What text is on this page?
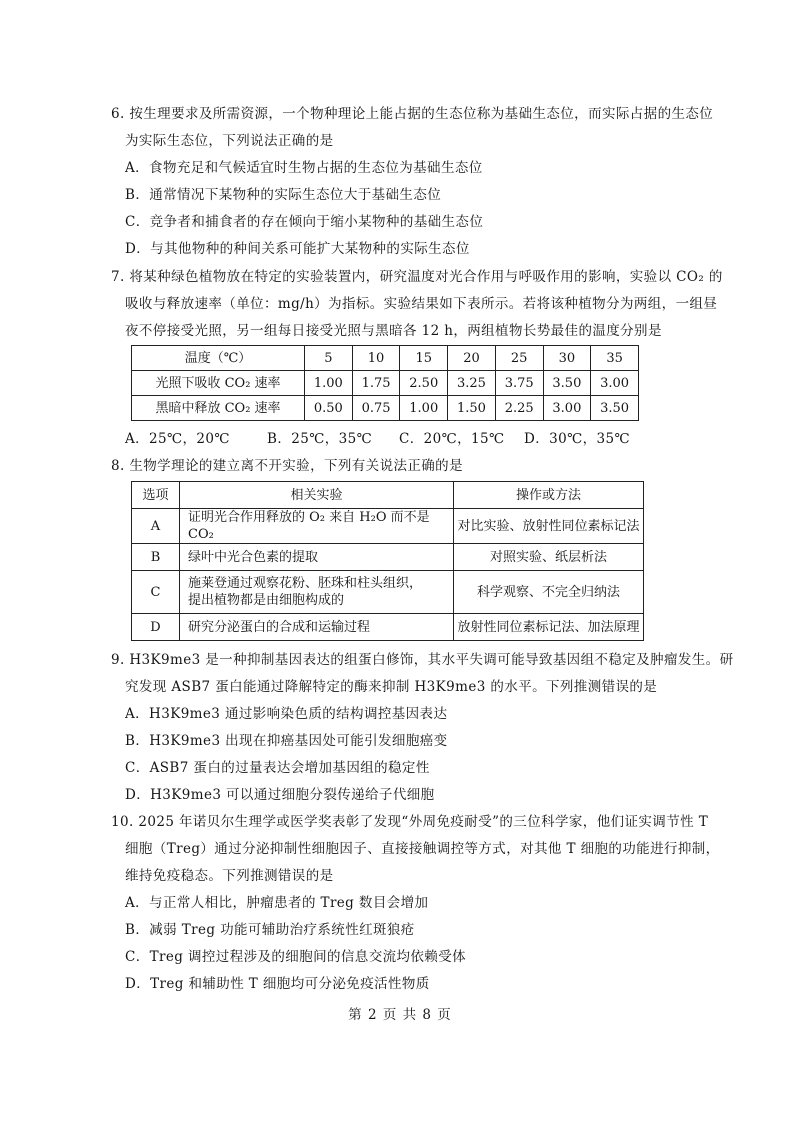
6. 按生理要求及所需资源，一个物种理论上能占据的生态位称为基础生态位，而实际占据的生态位
为实际生态位，下列说法正确的是
A．食物充足和气候适宜时生物占据的生态位为基础生态位
B．通常情况下某物种的实际生态位大于基础生态位
C．竞争者和捕食者的存在倾向于缩小某物种的基础生态位
D．与其他物种的种间关系可能扩大某物种的实际生态位
7. 将某种绿色植物放在特定的实验装置内，研究温度对光合作用与呼吸作用的影响，实验以 CO₂ 的
吸收与释放速率（单位：mg/h）为指标。实验结果如下表所示。若将该种植物分为两组，一组昼
夜不停接受光照，另一组每日接受光照与黑暗各 12 h，两组植物长势最佳的温度分别是
温度（℃）	5	10	15	20	25	30	35
光照下吸收 CO₂ 速率	1.00	1.75	2.50	3.25	3.75	3.50	3.00
黑暗中释放 CO₂ 速率	0.50	0.75	1.00	1.50	2.25	3.00	3.50
A．25℃，20℃	B．25℃，35℃ C．20℃，15℃ D．30℃，35℃
8. 生物学理论的建立离不开实验，下列有关说法正确的是
选项	相关实验	操作或方法
A	证明光合作用释放的 O₂ 来自 H₂O 而不是 CO₂	对比实验、放射性同位素标记法
B	绿叶中光合色素的提取	对照实验、纸层析法
C	施莱登通过观察花粉、胚珠和柱头组织，
提出植物都是由细胞构成的	科学观察、不完全归纳法
D	研究分泌蛋白的合成和运输过程	放射性同位素标记法、加法原理
9. H3K9me3 是一种抑制基因表达的组蛋白修饰，其水平失调可能导致基因组不稳定及肿瘤发生。研
究发现 ASB7 蛋白能通过降解特定的酶来抑制 H3K9me3 的水平。下列推测错误的是
A．H3K9me3 通过影响染色质的结构调控基因表达
B．H3K9me3 出现在抑癌基因处可能引发细胞癌变
C．ASB7 蛋白的过量表达会增加基因组的稳定性
D．H3K9me3 可以通过细胞分裂传递给子代细胞
10. 2025 年诺贝尔生理学或医学奖表彰了发现“外周免疫耐受”的三位科学家，他们证实调节性 T
细胞（Treg）通过分泌抑制性细胞因子、直接接触调控等方式，对其他 T 细胞的功能进行抑制，
维持免疫稳态。下列推测错误的是
A．与正常人相比，肿瘤患者的 Treg 数目会增加
B．减弱 Treg 功能可辅助治疗系统性红斑狼疮
C．Treg 调控过程涉及的细胞间的信息交流均依赖受体
D．Treg 和辅助性 T 细胞均可分泌免疫活性物质
第 2 页 共 8 页
